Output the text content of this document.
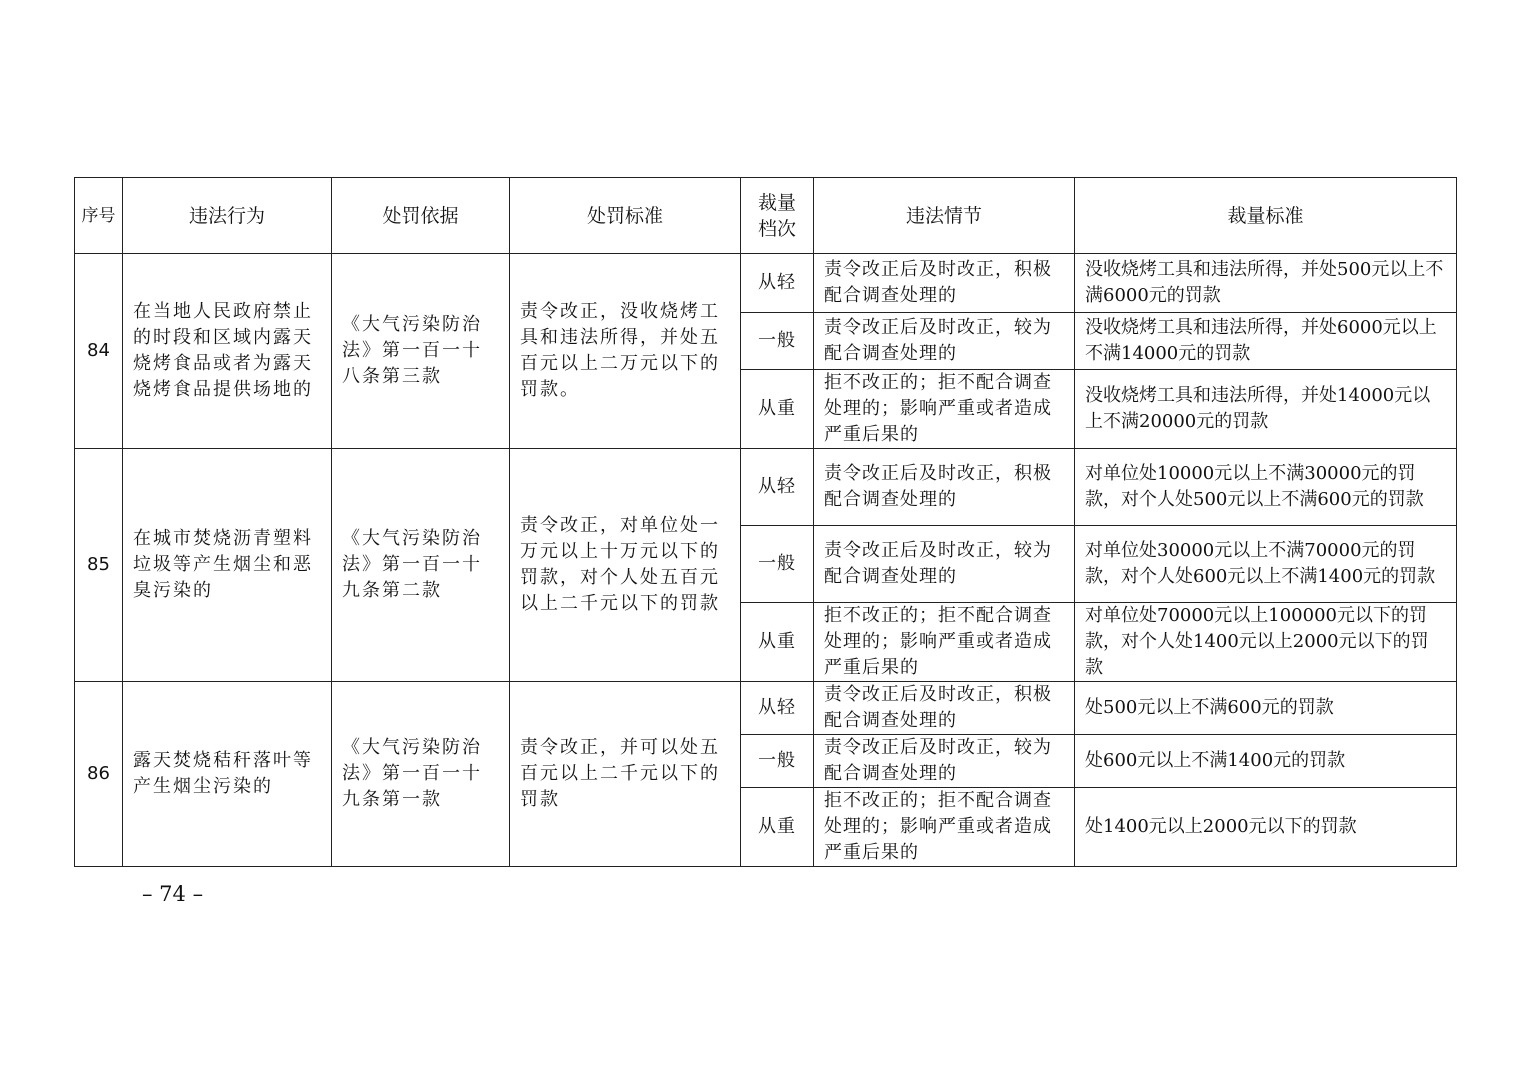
序号	违法行为	处罚依据	处罚标准	裁量档次	违法情节	裁量标准
84	在当地人民政府禁止的时段和区域内露天烧烤食品或者为露天烧烤食品提供场地的	《大气污染防治法》第一百一十八条第三款	责令改正，没收烧烤工具和违法所得，并处五百元以上二万元以下的罚款。	从轻	责令改正后及时改正，积极配合调查处理的	没收烧烤工具和违法所得，并处500元以上不满6000元的罚款
				一般	责令改正后及时改正，较为配合调查处理的	没收烧烤工具和违法所得，并处6000元以上不满14000元的罚款
				从重	拒不改正的；拒不配合调查处理的；影响严重或者造成严重后果的	没收烧烤工具和违法所得，并处14000元以上不满20000元的罚款
85	在城市焚烧沥青塑料垃圾等产生烟尘和恶臭污染的	《大气污染防治法》第一百一十九条第二款	责令改正，对单位处一万元以上十万元以下的罚款，对个人处五百元以上二千元以下的罚款	从轻	责令改正后及时改正，积极配合调查处理的	对单位处10000元以上不满30000元的罚款，对个人处500元以上不满600元的罚款
				一般	责令改正后及时改正，较为配合调查处理的	对单位处30000元以上不满70000元的罚款，对个人处600元以上不满1400元的罚款
				从重	拒不改正的；拒不配合调查处理的；影响严重或者造成严重后果的	对单位处70000元以上100000元以下的罚款，对个人处1400元以上2000元以下的罚款
86	露天焚烧秸秆落叶等产生烟尘污染的	《大气污染防治法》第一百一十九条第一款	责令改正，并可以处五百元以上二千元以下的罚款	从轻	责令改正后及时改正，积极配合调查处理的	处500元以上不满600元的罚款
				一般	责令改正后及时改正，较为配合调查处理的	处600元以上不满1400元的罚款
				从重	拒不改正的；拒不配合调查处理的；影响严重或者造成严重后果的	处1400元以上2000元以下的罚款
– 74 –
